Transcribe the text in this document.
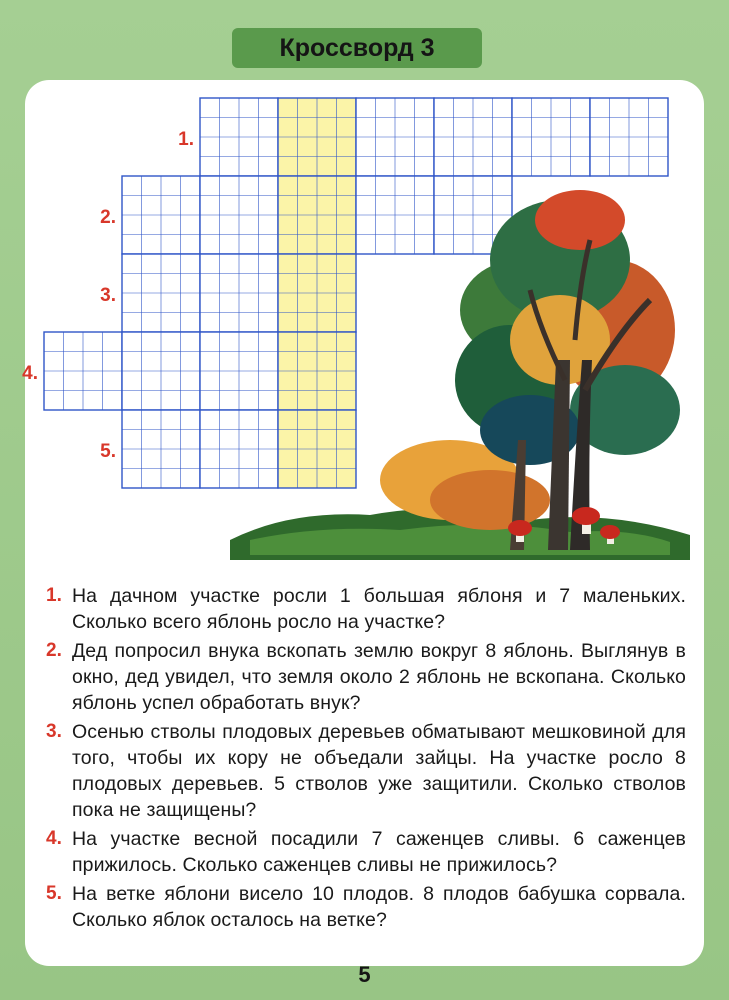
Кроссворд 3
1.
2.
3.
4.
5.
1. На дачном участке росли 1 большая яблоня и 7 маленьких. Сколько всего яблонь росло на участке?
2. Дед попросил внука вскопать землю вокруг 8 яблонь. Выглянув в окно, дед увидел, что земля около 2 яблонь не вскопана. Сколько яблонь успел обработать внук?
3. Осенью стволы плодовых деревьев обматывают мешковиной для того, чтобы их кору не объедали зайцы. На участке росло 8 плодовых деревьев. 5 стволов уже защитили. Сколько стволов пока не защищены?
4. На участке весной посадили 7 саженцев сливы. 6 саженцев прижилось. Сколько саженцев сливы не прижилось?
5. На ветке яблони висело 10 плодов. 8 плодов бабушка сорвала. Сколько яблок осталось на ветке?
5
